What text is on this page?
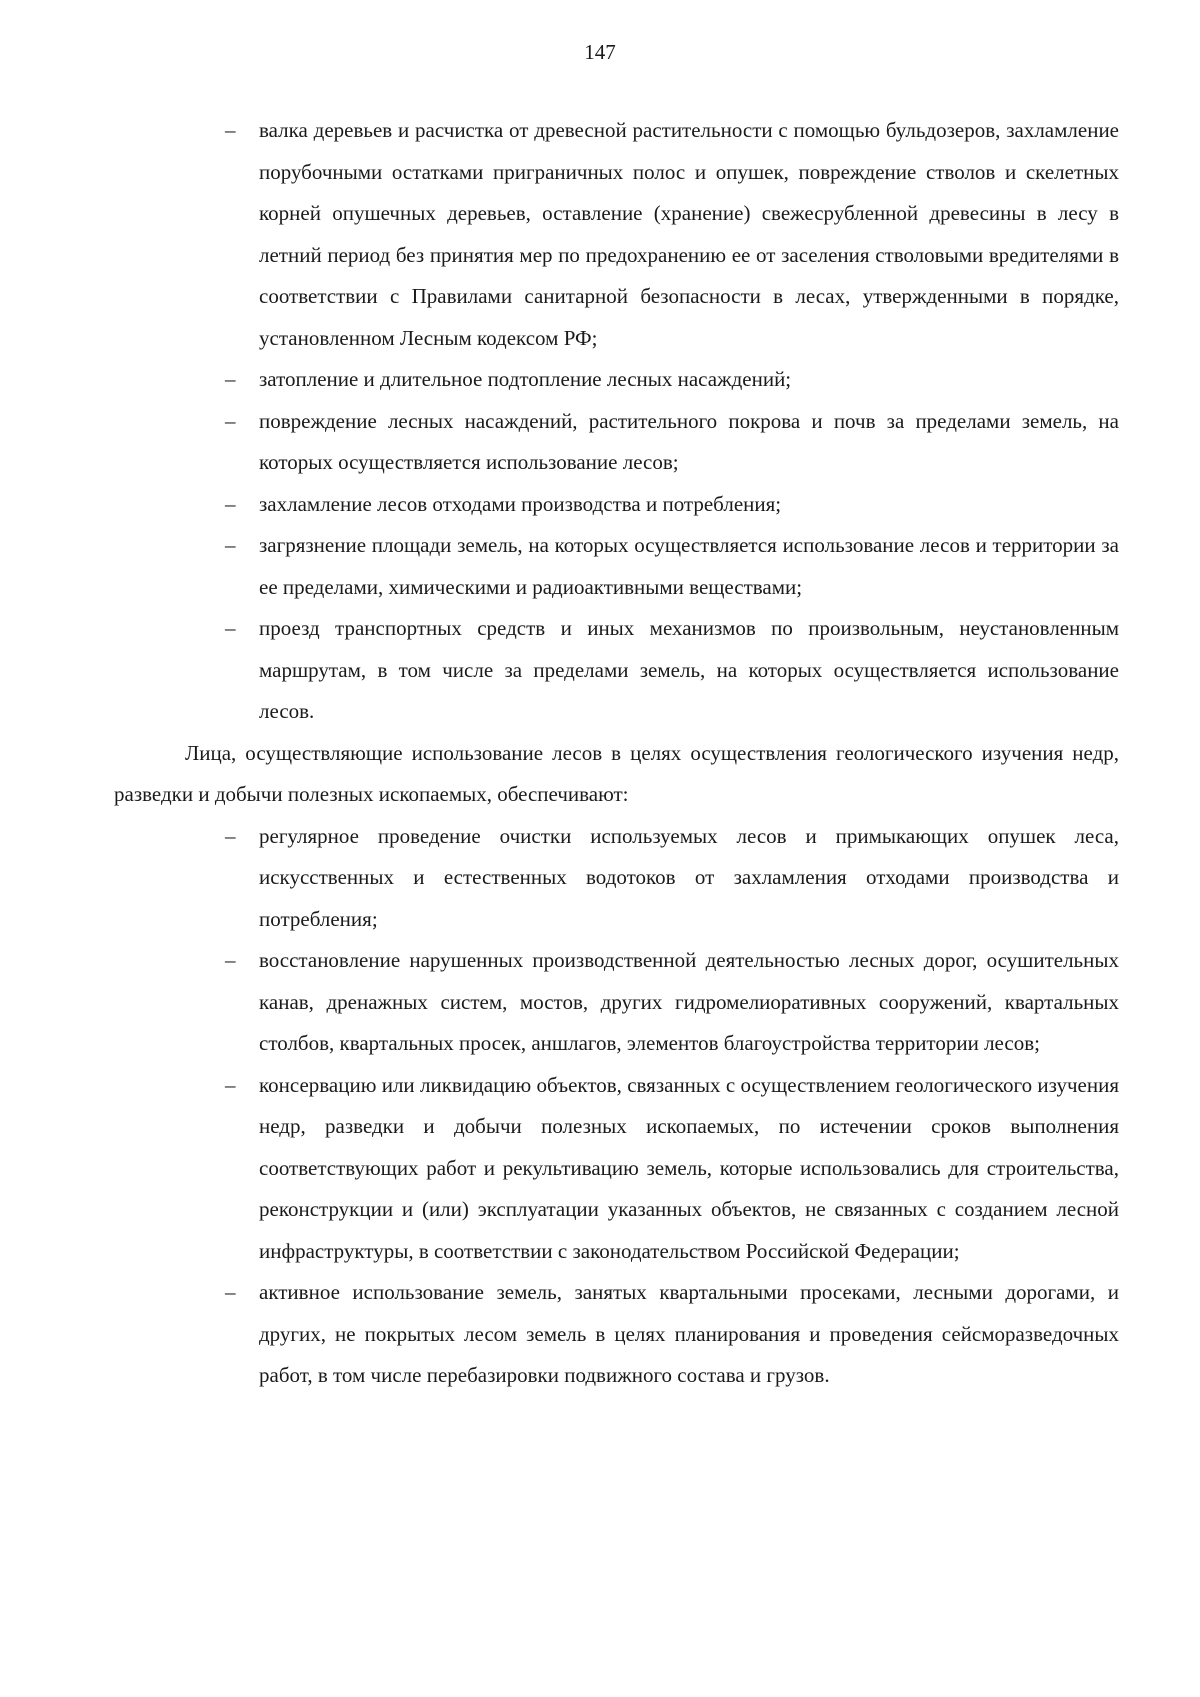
147
–	валка деревьев и расчистка от древесной растительности с помощью бульдозеров, захламление порубочными остатками приграничных полос и опушек, повреждение стволов и скелетных корней опушечных деревьев, оставление (хранение) свежесрубленной древесины в лесу в летний период без принятия мер по предохранению ее от заселения стволовыми вредителями в соответствии с Правилами санитарной безопасности в лесах, утвержденными в порядке, установленном Лесным кодексом РФ;
–	затопление и длительное подтопление лесных насаждений;
–	повреждение лесных насаждений, растительного покрова и почв за пределами земель, на которых осуществляется использование лесов;
–	захламление лесов отходами производства и потребления;
–	загрязнение площади земель, на которых осуществляется использование лесов и территории за ее пределами, химическими и радиоактивными веществами;
–	проезд транспортных средств и иных механизмов по произвольным, неустановленным маршрутам, в том числе за пределами земель, на которых осуществляется использование лесов.

Лица, осуществляющие использование лесов в целях осуществления геологического изучения недр, разведки и добычи полезных ископаемых, обеспечивают:

–	регулярное проведение очистки используемых лесов и примыкающих опушек леса, искусственных и естественных водотоков от захламления отходами производства и потребления;
–	восстановление нарушенных производственной деятельностью лесных дорог, осушительных канав, дренажных систем, мостов, других гидромелиоративных сооружений, квартальных столбов, квартальных просек, аншлагов, элементов благоустройства территории лесов;
–	консервацию или ликвидацию объектов, связанных с осуществлением геологического изучения недр, разведки и добычи полезных ископаемых, по истечении сроков выполнения соответствующих работ и рекультивацию земель, которые использовались для строительства, реконструкции и (или) эксплуатации указанных объектов, не связанных с созданием лесной инфраструктуры, в соответствии с законодательством Российской Федерации;
–	активное использование земель, занятых квартальными просеками, лесными дорогами, и других, не покрытых лесом земель в целях планирования и проведения сейсморазведочных работ, в том числе перебазировки подвижного состава и грузов.
